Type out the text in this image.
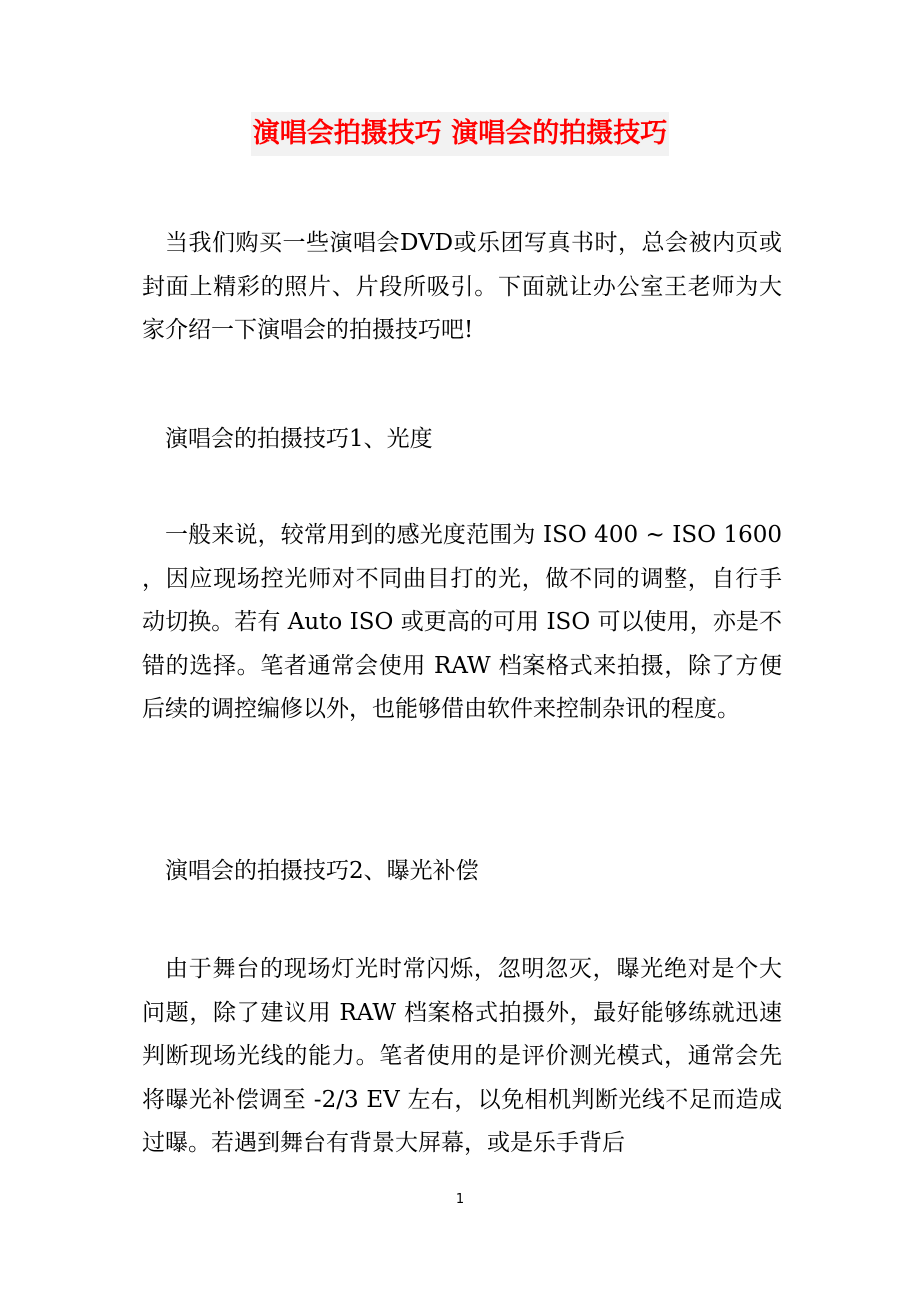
演唱会拍摄技巧 演唱会的拍摄技巧

当我们购买一些演唱会DVD或乐团写真书时，总会被内页或封面上精彩的照片、片段所吸引。下面就让办公室王老师为大家介绍一下演唱会的拍摄技巧吧!

演唱会的拍摄技巧1、光度

一般来说，较常用到的感光度范围为 ISO 400 ~ ISO 1600 ，因应现场控光师对不同曲目打的光，做不同的调整，自行手动切换。若有 Auto ISO 或更高的可用 ISO 可以使用，亦是不错的选择。笔者通常会使用 RAW 档案格式来拍摄，除了方便后续的调控编修以外，也能够借由软件来控制杂讯的程度。

演唱会的拍摄技巧2、曝光补偿

由于舞台的现场灯光时常闪烁，忽明忽灭，曝光绝对是个大问题，除了建议用 RAW 档案格式拍摄外，最好能够练就迅速判断现场光线的能力。笔者使用的是评价测光模式，通常会先将曝光补偿调至 -2/3 EV 左右，以免相机判断光线不足而造成过曝。若遇到舞台有背景大屏幕，或是乐手背后

1
